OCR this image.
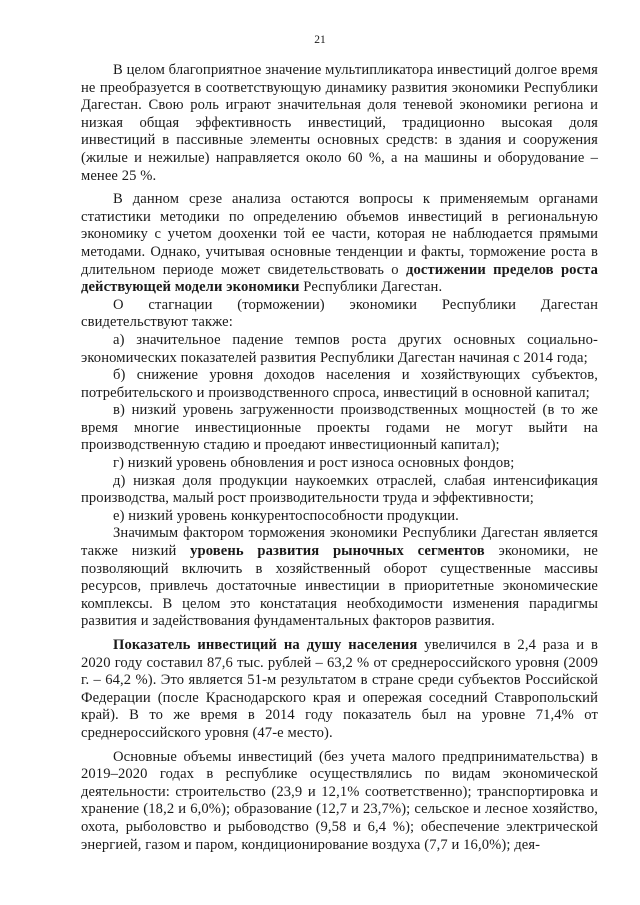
21

В целом благоприятное значение мультипликатора инвестиций долгое время не преобразуется в соответствующую динамику развития экономики Республики Дагестан. Свою роль играют значительная доля теневой экономики региона и низкая общая эффективность инвестиций, традиционно высокая доля инвестиций в пассивные элементы основных средств: в здания и сооружения (жилые и нежилые) направляется около 60 %, а на машины и оборудование – менее 25 %.

В данном срезе анализа остаются вопросы к применяемым органами статистики методики по определению объемов инвестиций в региональную экономику с учетом доохенки той ее части, которая не наблюдается прямыми методами. Однако, учитывая основные тенденции и факты, торможение роста в длительном периоде может свидетельствовать о достижении пределов роста действующей модели экономики Республики Дагестан.

О стагнации (торможении) экономики Республики Дагестан свидетельствуют также:

а) значительное падение темпов роста других основных социально-экономических показателей развития Республики Дагестан начиная с 2014 года;

б) снижение уровня доходов населения и хозяйствующих субъектов, потребительского и производственного спроса, инвестиций в основной капитал;

в) низкий уровень загруженности производственных мощностей (в то же время многие инвестиционные проекты годами не могут выйти на производственную стадию и проедают инвестиционный капитал);

г) низкий уровень обновления и рост износа основных фондов;

д) низкая доля продукции наукоемких отраслей, слабая интенсификация производства, малый рост производительности труда и эффективности;

е) низкий уровень конкурентоспособности продукции.

Значимым фактором торможения экономики Республики Дагестан является также низкий уровень развития рыночных сегментов экономики, не позволяющий включить в хозяйственный оборот существенные массивы ресурсов, привлечь достаточные инвестиции в приоритетные экономические комплексы. В целом это констатация необходимости изменения парадигмы развития и задействования фундаментальных факторов развития.

Показатель инвестиций на душу населения увеличился в 2,4 раза и в 2020 году составил 87,6 тыс. рублей – 63,2 % от среднероссийского уровня (2009 г. – 64,2 %). Это является 51-м результатом в стране среди субъектов Российской Федерации (после Краснодарского края и опережая соседний Ставропольский край). В то же время в 2014 году показатель был на уровне 71,4% от среднероссийского уровня (47-е место).

Основные объемы инвестиций (без учета малого предпринимательства) в 2019–2020 годах в республике осуществлялись по видам экономической деятельности: строительство (23,9 и 12,1% соответственно); транспортировка и хранение (18,2 и 6,0%); образование (12,7 и 23,7%); сельское и лесное хозяйство, охота, рыболовство и рыбоводство (9,58 и 6,4 %); обеспечение электрической энергией, газом и паром, кондиционирование воздуха (7,7 и 16,0%); дея-
